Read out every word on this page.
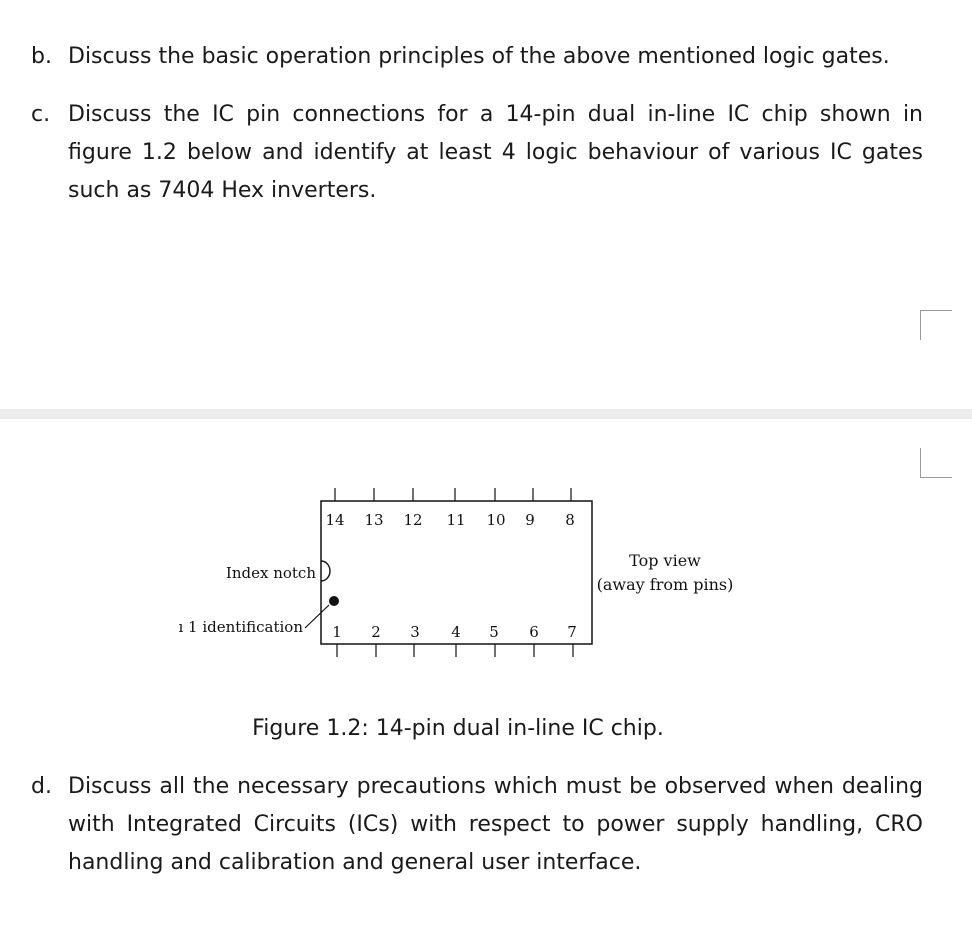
b. Discuss the basic operation principles of the above mentioned logic gates.
c. Discuss the IC pin connections for a 14-pin dual in-line IC chip shown in figure 1.2 below and identify at least 4 logic behaviour of various IC gates such as 7404 Hex inverters.
14 13 12 11 10 9 8
1 2 3 4 5 6 7
Index notch
ı 1 identification
Top view
(away from pins)
Figure 1.2: 14-pin dual in-line IC chip.
d. Discuss all the necessary precautions which must be observed when dealing with Integrated Circuits (ICs) with respect to power supply handling, CRO handling and calibration and general user interface.
